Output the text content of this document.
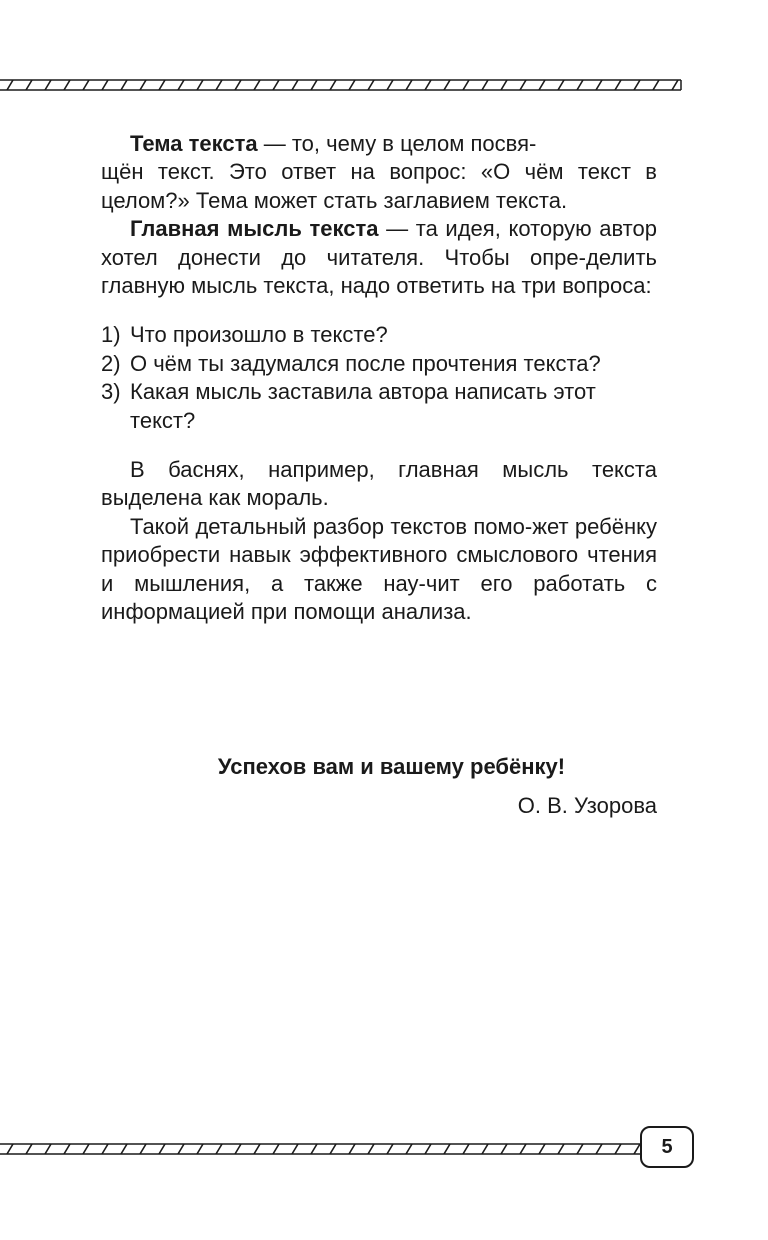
Тема текста — то, чему в целом посвя-
щён текст. Это ответ на вопрос: «О чём текст в целом?» Тема может стать заглавием текста.

Главная мысль текста — та идея, которую автор хотел донести до читателя. Чтобы опре-делить главную мысль текста, надо ответить на три вопроса:

1) Что произошло в тексте?
2) О чём ты задумался после прочтения текста?
3) Какая мысль заставила автора написать этот текст?

В баснях, например, главная мысль текста выделена как мораль.

Такой детальный разбор текстов помо-жет ребёнку приобрести навык эффективного смыслового чтения и мышления, а также нау-чит его работать с информацией при помощи анализа.

Успехов вам и вашему ребёнку!
О. В. Узорова
5
